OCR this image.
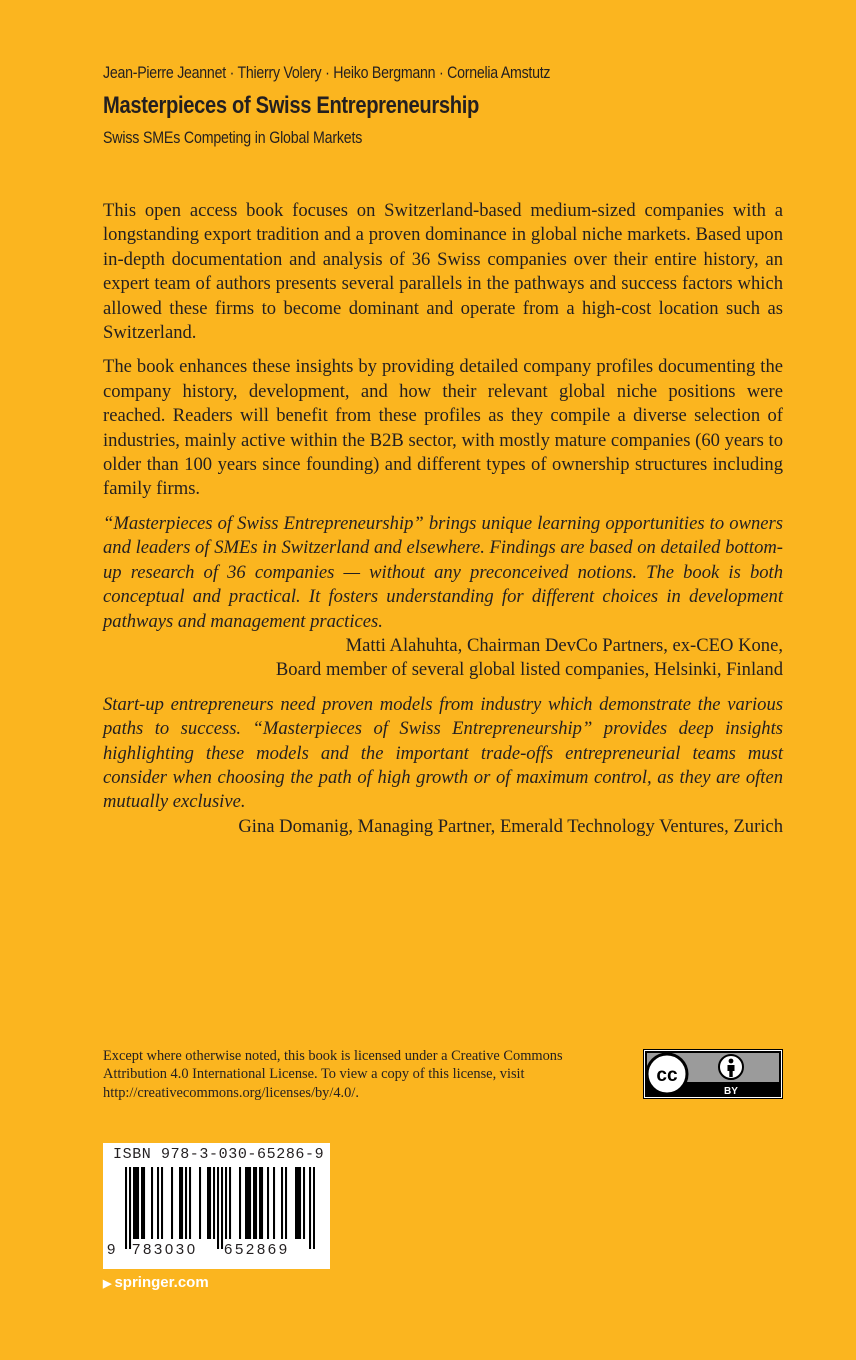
Jean-Pierre Jeannet · Thierry Volery · Heiko Bergmann · Cornelia Amstutz
Masterpieces of Swiss Entrepreneurship
Swiss SMEs Competing in Global Markets

This open access book focuses on Switzerland-based medium-sized companies with a longstanding export tradition and a proven dominance in global niche markets. Based upon in-depth documentation and analysis of 36 Swiss companies over their entire history, an expert team of authors presents several parallels in the pathways and success factors which allowed these firms to become dominant and operate from a high-cost location such as Switzerland.

The book enhances these insights by providing detailed company profiles documenting the company history, development, and how their relevant global niche positions were reached. Readers will benefit from these profiles as they compile a diverse selection of industries, mainly active within the B2B sector, with mostly mature companies (60 years to older than 100 years since founding) and different types of ownership structures including family firms.

“Masterpieces of Swiss Entrepreneurship” brings unique learning opportunities to owners and leaders of SMEs in Switzerland and elsewhere. Findings are based on detailed bottom-up research of 36 companies — without any preconceived notions. The book is both conceptual and practical. It fosters understanding for different choices in development pathways and management practices.

Matti Alahuhta, Chairman DevCo Partners, ex-CEO Kone,

Board member of several global listed companies, Helsinki, Finland

Start-up entrepreneurs need proven models from industry which demonstrate the various paths to success. “Masterpieces of Swiss Entrepreneurship” provides deep insights highlighting these models and the important trade-offs entrepreneurial teams must consider when choosing the path of high growth or of maximum control, as they are often mutually exclusive.

Gina Domanig, Managing Partner, Emerald Technology Ventures, Zurich

Except where otherwise noted, this book is licensed under a Creative Commons Attribution 4.0 International License. To view a copy of this license, visit http://creativecommons.org/licenses/by/4.0/.
cc
BY
ISBN 978-3-030-65286-9
9 783030 652869
▶ springer.com
